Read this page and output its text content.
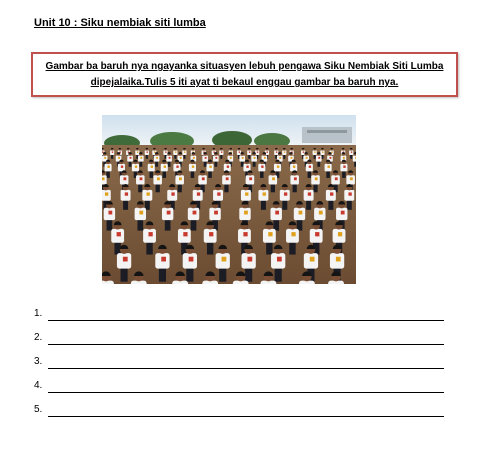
Unit 10 : Siku nembiak siti lumba
Gambar ba baruh nya ngayanka situasyen lebuh pengawa Siku Nembiak Siti Lumba dipejalaika.Tulis 5 iti ayat ti bekaul enggau gambar ba baruh nya.
1.
2.
3.
4.
5.
